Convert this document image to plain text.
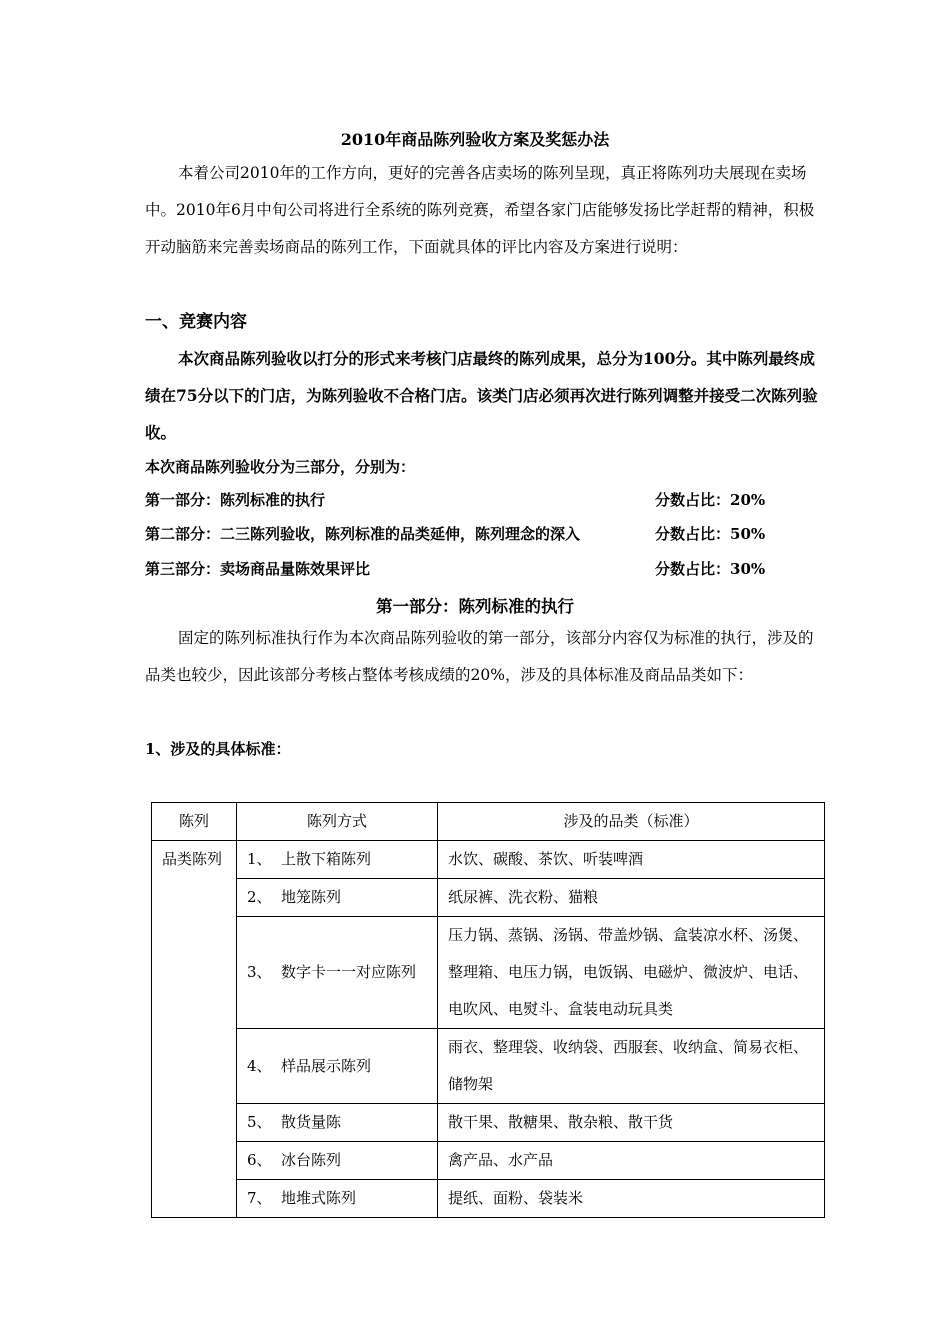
2010年商品陈列验收方案及奖惩办法

本着公司2010年的工作方向，更好的完善各店卖场的陈列呈现，真正将陈列功夫展现在卖场中。2010年6月中旬公司将进行全系统的陈列竞赛，希望各家门店能够发扬比学赶帮的精神，积极开动脑筋来完善卖场商品的陈列工作，下面就具体的评比内容及方案进行说明：

一、竞赛内容

本次商品陈列验收以打分的形式来考核门店最终的陈列成果，总分为100分。其中陈列最终成绩在75分以下的门店，为陈列验收不合格门店。该类门店必须再次进行陈列调整并接受二次陈列验收。

本次商品陈列验收分为三部分，分别为：
第一部分：陈列标准的执行	分数占比：20%
第二部分：二三陈列验收，陈列标准的品类延伸，陈列理念的深入	分数占比：50%
第三部分：卖场商品量陈效果评比	分数占比：30%
第一部分：陈列标准的执行

固定的陈列标准执行作为本次商品陈列验收的第一部分，该部分内容仅为标准的执行，涉及的品类也较少，因此该部分考核占整体考核成绩的20%，涉及的具体标准及商品品类如下：

1、涉及的具体标准：
陈列	陈列方式	涉及的品类（标准）
品类陈列	1、 上散下箱陈列	水饮、碳酸、茶饮、听装啤酒
	2、 地笼陈列	纸尿裤、洗衣粉、猫粮
	3、 数字卡一一对应陈列	压力锅、蒸锅、汤锅、带盖炒锅、盒装凉水杯、汤煲、整理箱、电压力锅，电饭锅、电磁炉、微波炉、电话、电吹风、电熨斗、盒装电动玩具类
	4、 样品展示陈列	雨衣、整理袋、收纳袋、西服套、收纳盒、简易衣柜、储物架
	5、 散货量陈	散干果、散糖果、散杂粮、散干货
	6、 冰台陈列	禽产品、水产品
	7、 地堆式陈列	提纸、面粉、袋装米
